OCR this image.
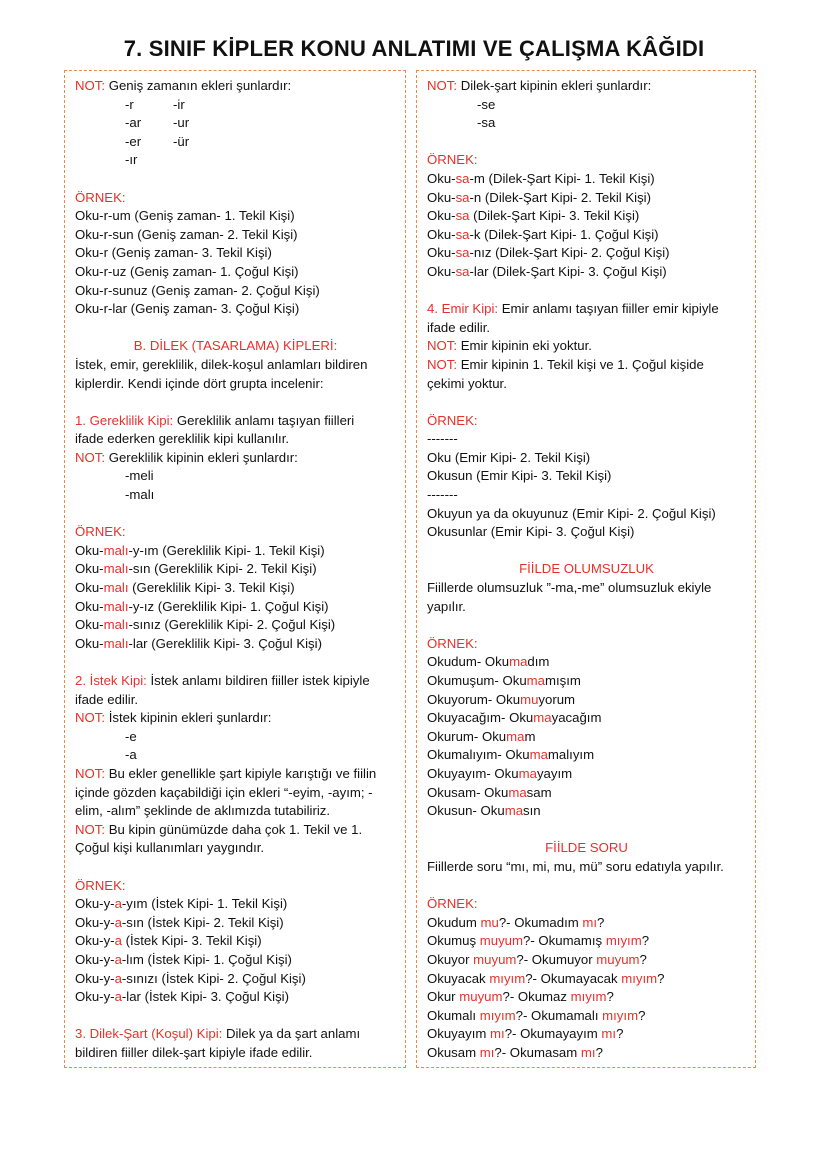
7. SINIF KİPLER KONU ANLATIMI VE ÇALIŞMA KÂĞIDI
NOT: Geniş zamanın ekleri şunlardır:
-r	-ir
-ar -ur
-er -ür
-ır
ÖRNEK:
Oku-r-um (Geniş zaman- 1. Tekil Kişi)
Oku-r-sun (Geniş zaman- 2. Tekil Kişi)
Oku-r (Geniş zaman- 3. Tekil Kişi)
Oku-r-uz (Geniş zaman- 1. Çoğul Kişi)
Oku-r-sunuz (Geniş zaman- 2. Çoğul Kişi)
Oku-r-lar (Geniş zaman- 3. Çoğul Kişi)
B. DİLEK (TASARLAMA) KİPLERİ:
İstek, emir, gereklilik, dilek-koşul anlamları bildiren
kiplerdir. Kendi içinde dört grupta incelenir:
1. Gereklilik Kipi: Gereklilik anlamı taşıyan fiilleri
ifade ederken gereklilik kipi kullanılır.
NOT: Gereklilik kipinin ekleri şunlardır:
-meli
-malı
ÖRNEK:
Oku-malı-y-ım (Gereklilik Kipi- 1. Tekil Kişi)
Oku-malı-sın (Gereklilik Kipi- 2. Tekil Kişi)
Oku-malı (Gereklilik Kipi- 3. Tekil Kişi)
Oku-malı-y-ız (Gereklilik Kipi- 1. Çoğul Kişi)
Oku-malı-sınız (Gereklilik Kipi- 2. Çoğul Kişi)
Oku-malı-lar (Gereklilik Kipi- 3. Çoğul Kişi)
2. İstek Kipi: İstek anlamı bildiren fiiller istek kipiyle
ifade edilir.
NOT: İstek kipinin ekleri şunlardır:
-e
-a
NOT: Bu ekler genellikle şart kipiyle karıştığı ve fiilin
içinde gözden kaçabildiği için ekleri “-eyim, -ayım; -
elim, -alım” şeklinde de aklımızda tutabiliriz.
NOT: Bu kipin günümüzde daha çok 1. Tekil ve 1.
Çoğul kişi kullanımları yaygındır.
ÖRNEK:
Oku-y-a-yım (İstek Kipi- 1. Tekil Kişi)
Oku-y-a-sın (İstek Kipi- 2. Tekil Kişi)
Oku-y-a (İstek Kipi- 3. Tekil Kişi)
Oku-y-a-lım (İstek Kipi- 1. Çoğul Kişi)
Oku-y-a-sınızı (İstek Kipi- 2. Çoğul Kişi)
Oku-y-a-lar (İstek Kipi- 3. Çoğul Kişi)
3. Dilek-Şart (Koşul) Kipi: Dilek ya da şart anlamı
bildiren fiiller dilek-şart kipiyle ifade edilir.
NOT: Dilek-şart kipinin ekleri şunlardır:
-se
-sa
ÖRNEK:
Oku-sa-m (Dilek-Şart Kipi- 1. Tekil Kişi)
Oku-sa-n (Dilek-Şart Kipi- 2. Tekil Kişi)
Oku-sa (Dilek-Şart Kipi- 3. Tekil Kişi)
Oku-sa-k (Dilek-Şart Kipi- 1. Çoğul Kişi)
Oku-sa-nız (Dilek-Şart Kipi- 2. Çoğul Kişi)
Oku-sa-lar (Dilek-Şart Kipi- 3. Çoğul Kişi)
4. Emir Kipi: Emir anlamı taşıyan fiiller emir kipiyle
ifade edilir.
NOT: Emir kipinin eki yoktur.
NOT: Emir kipinin 1. Tekil kişi ve 1. Çoğul kişide
çekimi yoktur.
ÖRNEK:
-------
Oku (Emir Kipi- 2. Tekil Kişi)
Okusun (Emir Kipi- 3. Tekil Kişi)
-------
Okuyun ya da okuyunuz (Emir Kipi- 2. Çoğul Kişi)
Okusunlar (Emir Kipi- 3. Çoğul Kişi)
FİİLDE OLUMSUZLUK
Fiillerde olumsuzluk ”-ma,-me” olumsuzluk ekiyle
yapılır.
ÖRNEK:
Okudum- Okumadım
Okumuşum- Okumamışım
Okuyorum- Okumuyorum
Okuyacağım- Okumayacağım
Okurum- Okumam
Okumalıyım- Okumamalıyım
Okuyayım- Okumayayım
Okusam- Okumasam
Okusun- Okumasın
FİİLDE SORU
Fiillerde soru “mı, mi, mu, mü” soru edatıyla yapılır.
ÖRNEK:
Okudum mu?- Okumadım mı?
Okumuş muyum?- Okumamış mıyım?
Okuyor muyum?- Okumuyor muyum?
Okuyacak mıyım?- Okumayacak mıyım?
Okur muyum?- Okumaz mıyım?
Okumalı mıyım?- Okumamalı mıyım?
Okuyayım mı?- Okumayayım mı?
Okusam mı?- Okumasam mı?
